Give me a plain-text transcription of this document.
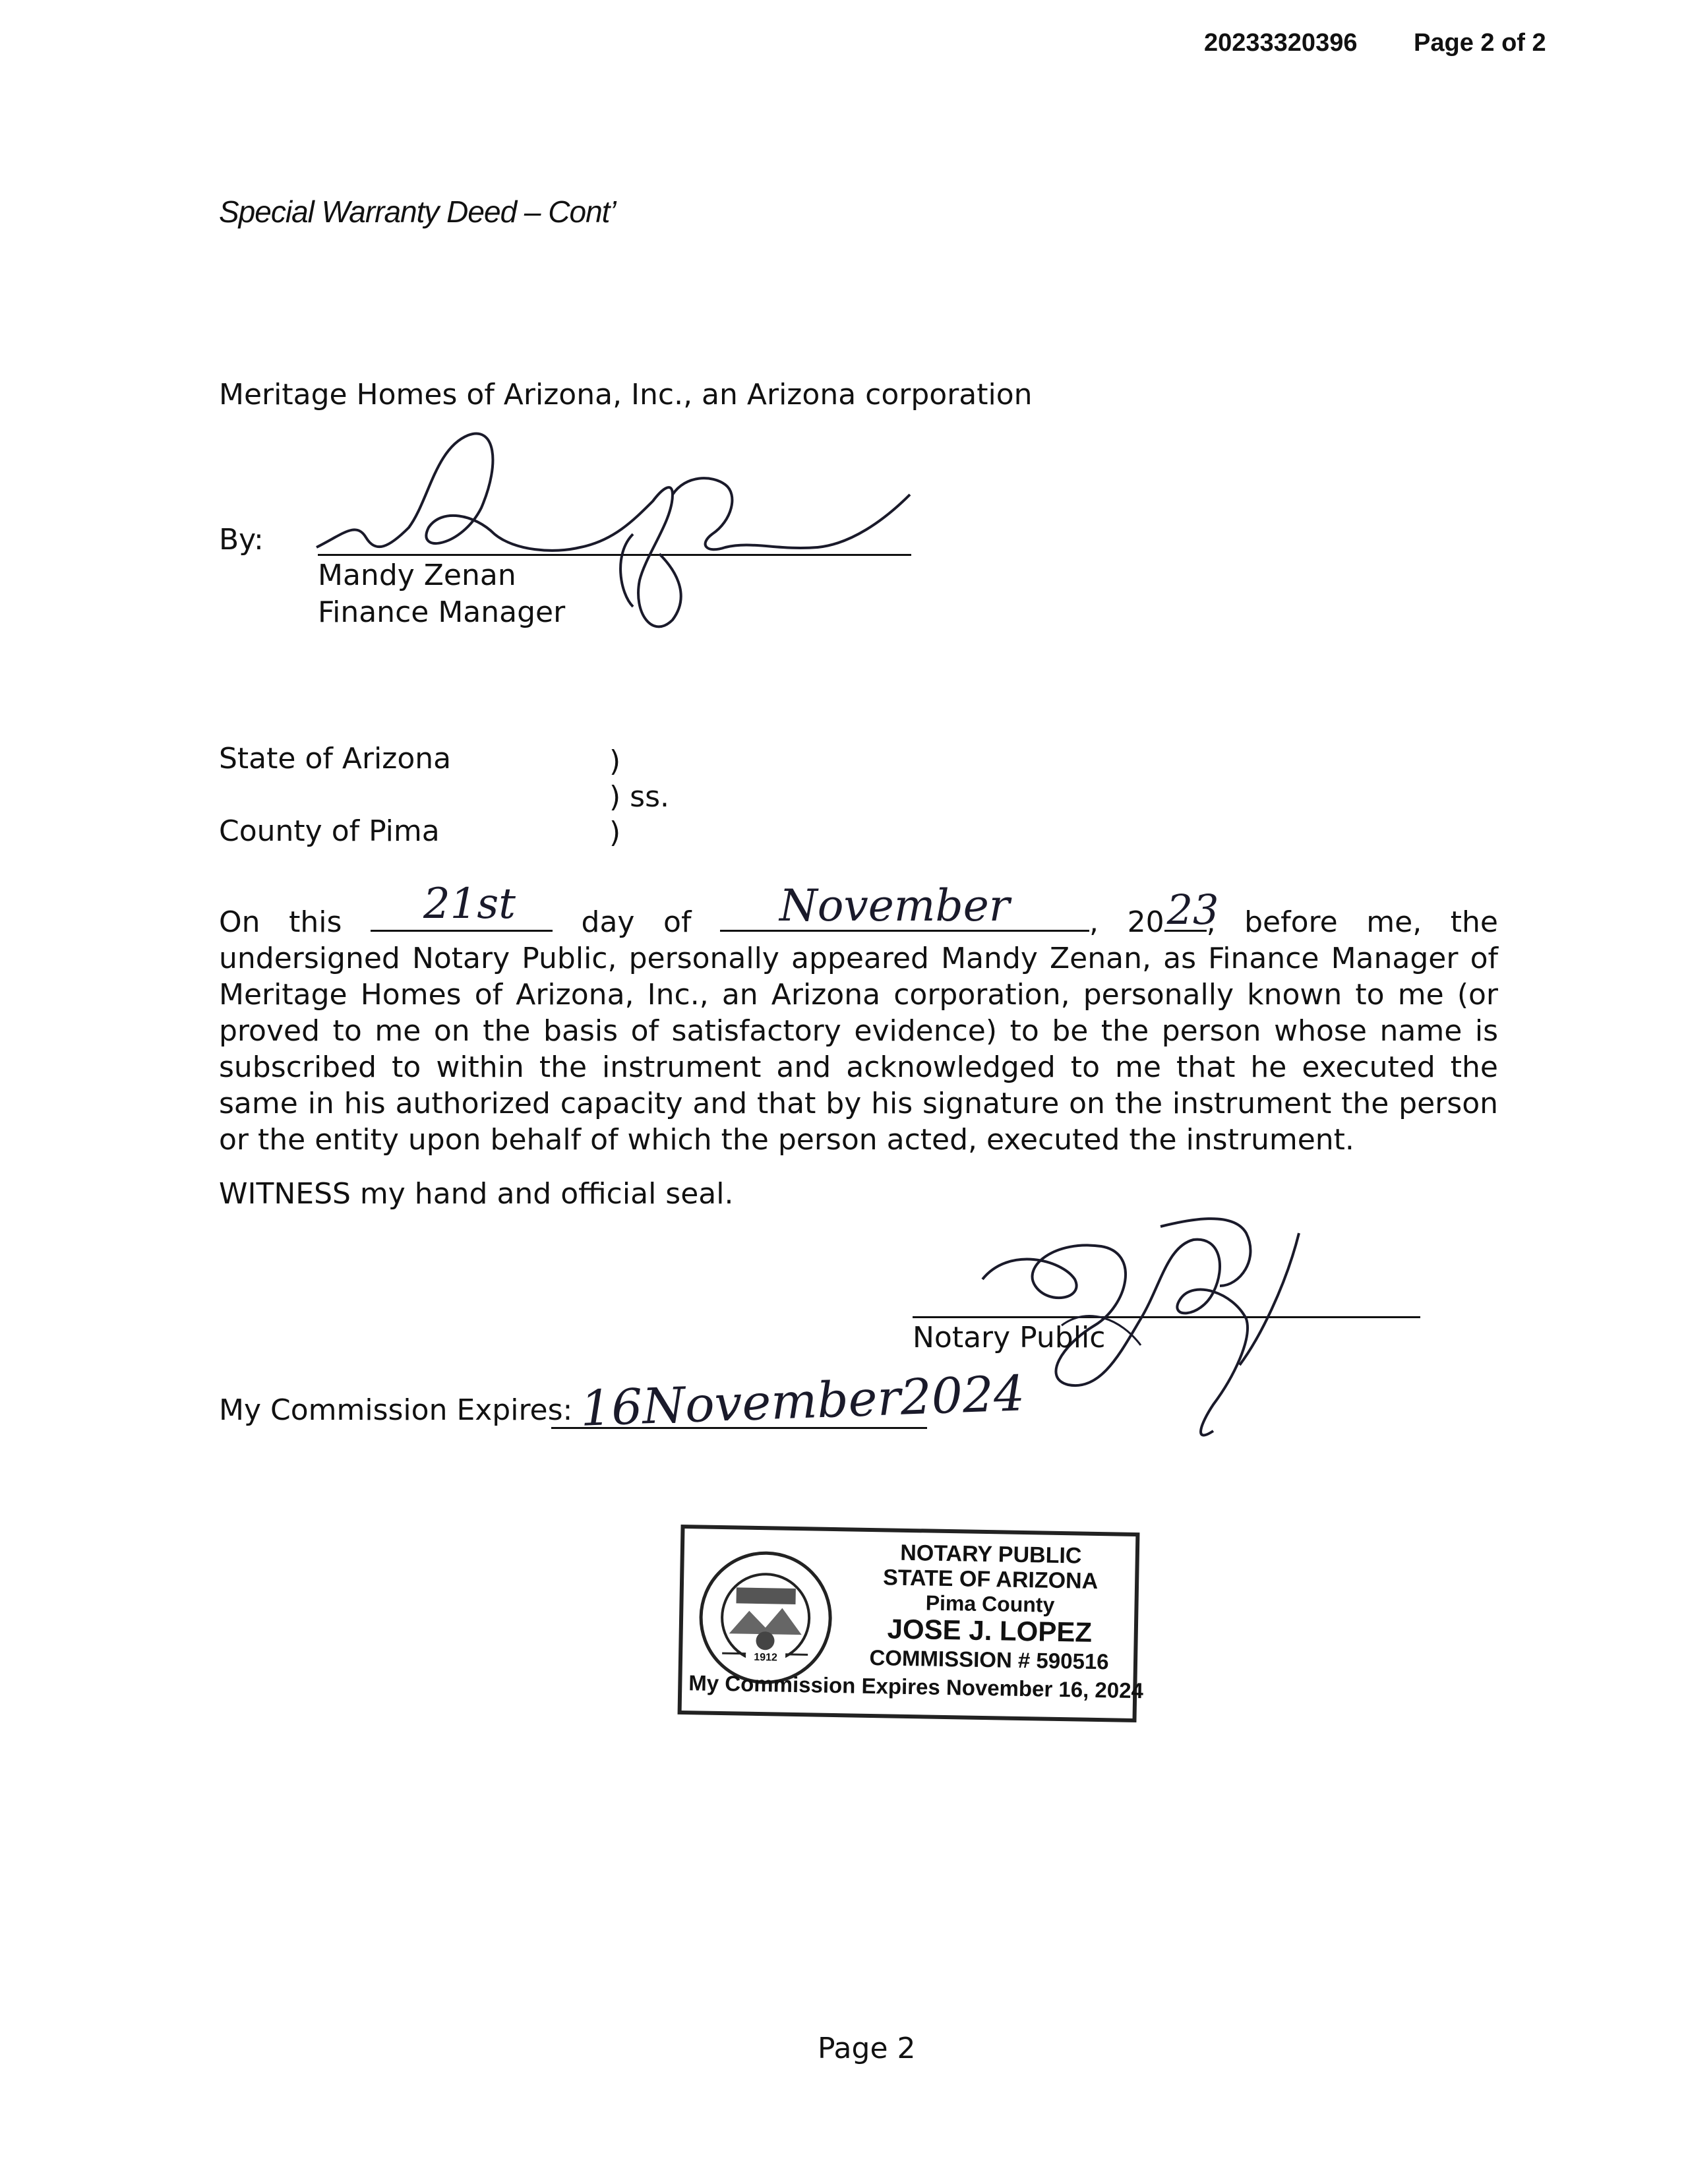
20233320396 Page 2 of 2
Special Warranty Deed – Cont’
Meritage Homes of Arizona, Inc., an Arizona corporation
By:
Mandy Zenan
Finance Manager
State of Arizona	)
) ss.
County of Pima	)
On this 21st day of November	, 20 23
, before me, the undersigned Notary Public, personally appeared Mandy Zenan, as Finance Manager of Meritage Homes of Arizona, Inc., an Arizona corporation, personally known to me (or proved to me on the basis of satisfactory evidence) to be the person whose name is subscribed to within the instrument and acknowledged to me that he executed the same in his authorized capacity and that by his signature on the instrument the person or the entity upon behalf of which the person acted, executed the instrument.
WITNESS my hand and official seal.
Notary Public
My Commission Expires: 16November2024
1912
NOTARY PUBLIC
STATE OF ARIZONA
Pima County
JOSE J. LOPEZ
COMMISSION # 590516
My Commission Expires November 16, 2024
Page 2
